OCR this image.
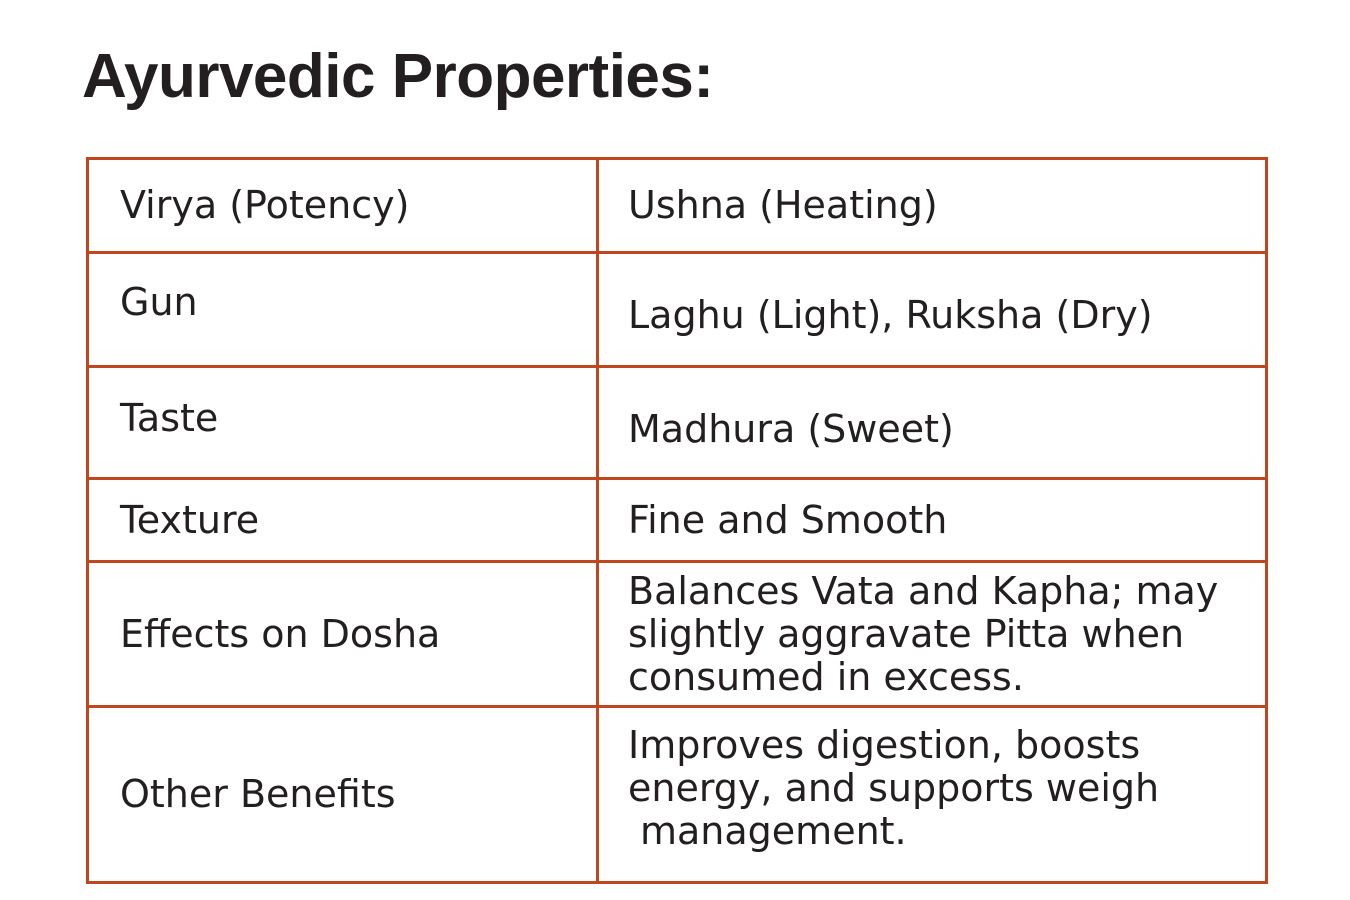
Ayurvedic Properties:
Virya (Potency)	Ushna (Heating)
Gun	Laghu (Light), Ruksha (Dry)
Taste	Madhura (Sweet)
Texture	Fine and Smooth
Effects on Dosha	Balances Vata and Kapha; may
slightly aggravate Pitta when
consumed in excess.
Other Benefits	Improves digestion, boosts
energy, and supports weigh
management.
